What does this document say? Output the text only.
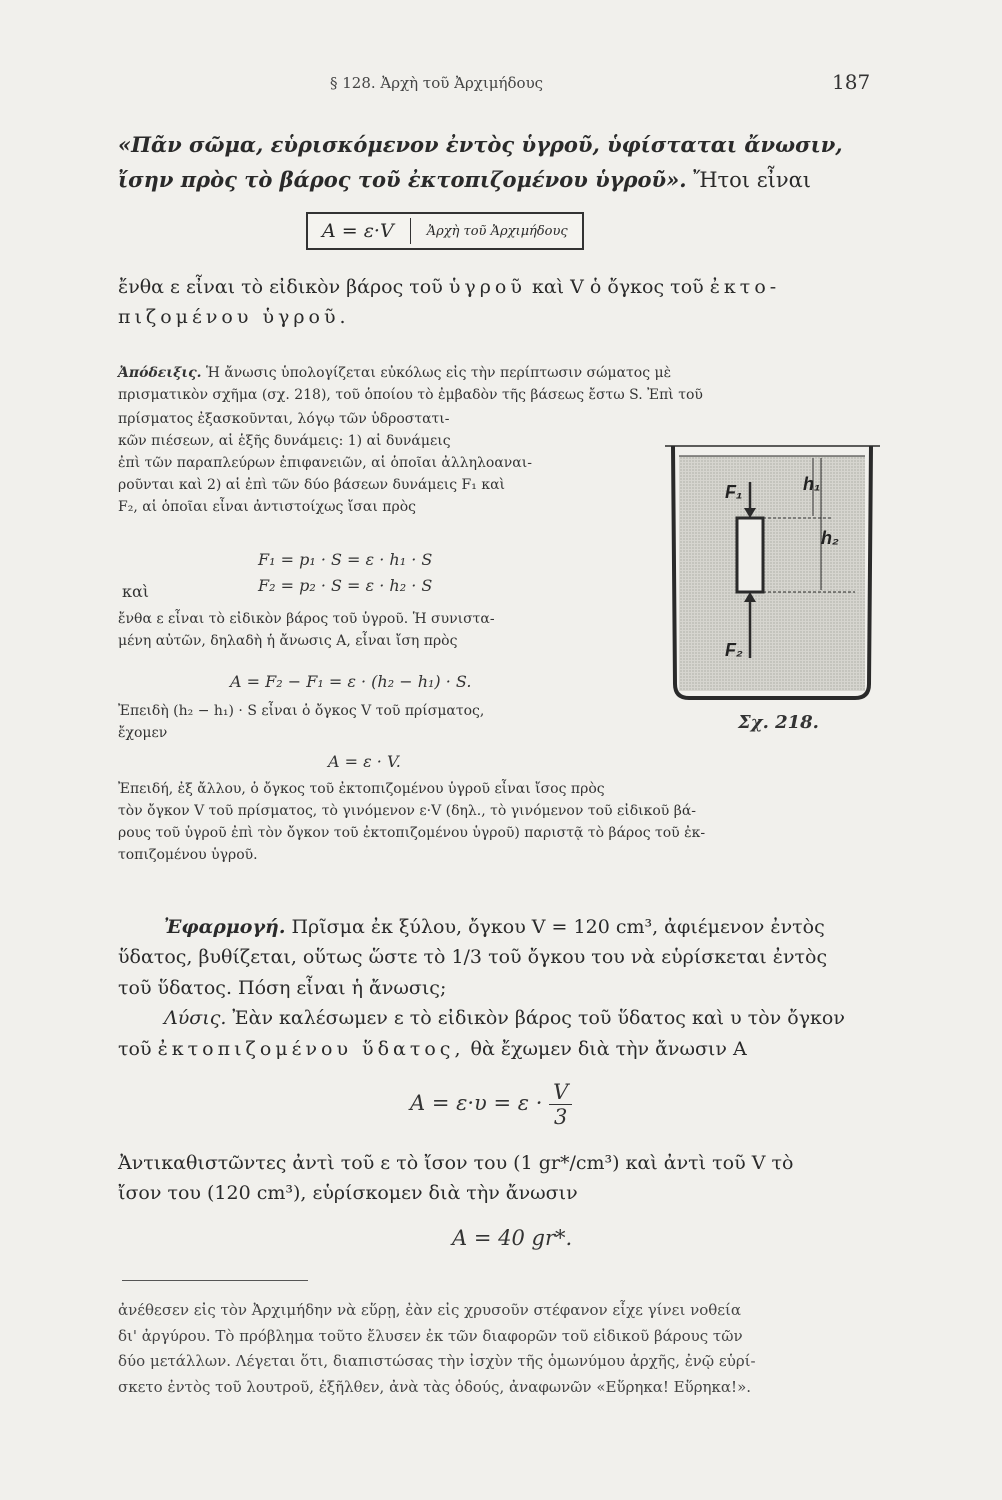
§ 128. Ἀρχὴ τοῦ Ἀρχιμήδους	187
«Πᾶν σῶμα, εὑρισκόμενον ἐντὸς ὑγροῦ, ὑφίσταται ἄνωσιν, ἴσην πρὸς τὸ βάρος τοῦ ἐκτοπιζομένου ὑγροῦ». Ἤτοι εἶναι
A = ε·V	Ἀρχὴ τοῦ Ἀρχιμήδους
ἔνθα ε εἶναι τὸ εἰδικὸν βάρος τοῦ ὑγροῦ καὶ V ὁ ὄγκος τοῦ ἐκτο-
πιζομένου ὑγροῦ.
Ἀπόδειξις. Ἡ ἄνωσις ὑπολογίζεται εὐκόλως εἰς τὴν περίπτωσιν σώματος μὲ
πρισματικὸν σχῆμα (σχ. 218), τοῦ ὁποίου τὸ ἐμβαδὸν τῆς βάσεως ἔστω S. Ἐπὶ τοῦ
πρίσματος ἐξασκοῦνται, λόγῳ τῶν ὑδροστατι-
κῶν πιέσεων, αἱ ἑξῆς δυνάμεις: 1) αἱ δυνάμεις
ἐπὶ τῶν παραπλεύρων ἐπιφανειῶν, αἱ ὁποῖαι ἀλληλοαναι-
ροῦνται καὶ 2) αἱ ἐπὶ τῶν δύο βάσεων δυνάμεις F₁ καὶ
F₂, αἱ ὁποῖαι εἶναι ἀντιστοίχως ἴσαι πρὸς
F₁ = p₁ · S = ε · h₁ · S
καὶ	F₂ = p₂ · S = ε · h₂ · S
ἔνθα ε εἶναι τὸ εἰδικὸν βάρος τοῦ ὑγροῦ. Ἡ συνιστα-
μένη αὐτῶν, δηλαδὴ ἡ ἄνωσις A, εἶναι ἴση πρὸς
A = F₂ − F₁ = ε · (h₂ − h₁) · S.
Ἐπειδὴ (h₂ − h₁) · S εἶναι ὁ ὄγκος V τοῦ πρίσματος,
ἔχομεν
A = ε · V.
Ἐπειδή, ἐξ ἄλλου, ὁ ὄγκος τοῦ ἐκτοπιζομένου ὑγροῦ εἶναι ἴσος πρὸς
τὸν ὄγκον V τοῦ πρίσματος, τὸ γινόμενον ε·V (δηλ., τὸ γινόμενον τοῦ εἰδικοῦ βά-
ρους τοῦ ὑγροῦ ἐπὶ τὸν ὄγκον τοῦ ἐκτοπιζομένου ὑγροῦ) παριστᾷ τὸ βάρος τοῦ ἐκ-
τοπιζομένου ὑγροῦ.
F₁
F₂
h₁
h₂
Σχ. 218.
Ἐφαρμογή. Πρῖσμα ἐκ ξύλου, ὄγκου V = 120 cm³, ἀφιέμενον ἐντὸς
ὕδατος, βυθίζεται, οὕτως ὥστε τὸ 1/3 τοῦ ὄγκου του νὰ εὑρίσκεται ἐντὸς
τοῦ ὕδατος. Πόση εἶναι ἡ ἄνωσις;
Λύσις. Ἐὰν καλέσωμεν ε τὸ εἰδικὸν βάρος τοῦ ὕδατος καὶ υ τὸν ὄγκον
τοῦ ἐκτοπιζομένου ὕδατος, θὰ ἔχωμεν διὰ τὴν ἄνωσιν A
$A = \varepsilon\cdot\upsilon = \varepsilon \cdot \frac{V}{3}$
Ἀντικαθιστῶντες ἀντὶ τοῦ ε τὸ ἴσον του (1 gr*/cm³) καὶ ἀντὶ τοῦ V τὸ
ἴσον του (120 cm³), εὑρίσκομεν διὰ τὴν ἄνωσιν
A = 40 gr*.
ἀνέθεσεν εἰς τὸν Ἀρχιμήδην νὰ εὕρῃ, ἐὰν εἰς χρυσοῦν στέφανον εἶχε γίνει νοθεία
δι' ἀργύρου. Τὸ πρόβλημα τοῦτο ἔλυσεν ἐκ τῶν διαφορῶν τοῦ εἰδικοῦ βάρους τῶν
δύο μετάλλων. Λέγεται ὅτι, διαπιστώσας τὴν ἰσχὺν τῆς ὁμωνύμου ἀρχῆς, ἐνῷ εὑρί-
σκετο ἐντὸς τοῦ λουτροῦ, ἐξῆλθεν, ἀνὰ τὰς ὁδούς, ἀναφωνῶν «Εὕρηκα! Εὕρηκα!».
